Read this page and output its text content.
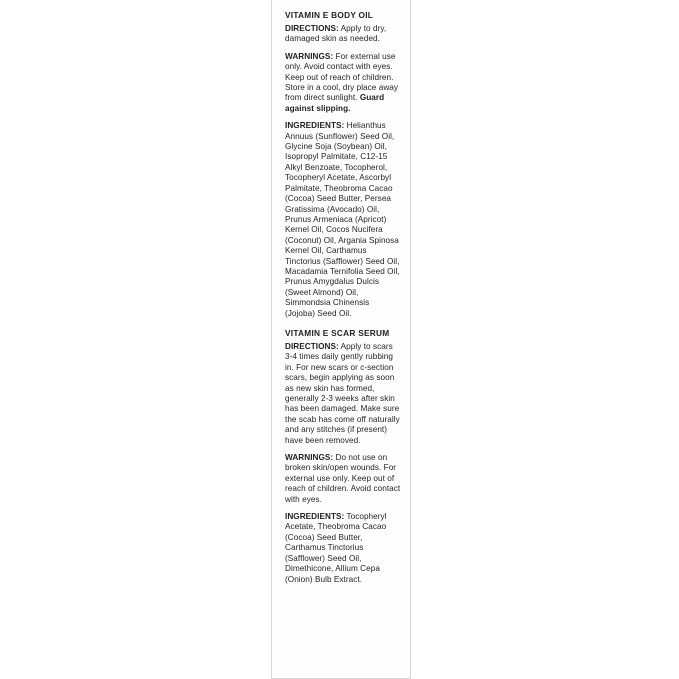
VITAMIN E BODY OIL

DIRECTIONS: Apply to dry, damaged skin as needed.

WARNINGS: For external use only. Avoid contact with eyes. Keep out of reach of children. Store in a cool, dry place away from direct sunlight. Guard against slipping.

INGREDIENTS: Helianthus Annuus (Sunflower) Seed Oil, Glycine Soja (Soybean) Oil, Isopropyl Palmitate, C12-15 Alkyl Benzoate, Tocopherol, Tocopheryl Acetate, Ascorbyl Palmitate, Theobroma Cacao (Cocoa) Seed Butter, Persea Gratissima (Avocado) Oil, Prunus Armeniaca (Apricot) Kernel Oil, Cocos Nucifera (Coconut) Oil, Argania Spinosa Kernel Oil, Carthamus Tinctorius (Safflower) Seed Oil, Macadamia Ternifolia Seed Oil, Prunus Amygdalus Dulcis (Sweet Almond) Oil, Simmondsia Chinensis (Jojoba) Seed Oil.

VITAMIN E SCAR SERUM

DIRECTIONS: Apply to scars 3-4 times daily gently rubbing in. For new scars or c-section scars, begin applying as soon as new skin has formed, generally 2-3 weeks after skin has been damaged. Make sure the scab has come off naturally and any stitches (if present) have been removed.

WARNINGS: Do not use on broken skin/open wounds. For external use only. Keep out of reach of children. Avoid contact with eyes.

INGREDIENTS: Tocopheryl Acetate, Theobroma Cacao (Cocoa) Seed Butter, Carthamus Tinctorius (Safflower) Seed Oil, Dimethicone, Allium Cepa (Onion) Bulb Extract.
